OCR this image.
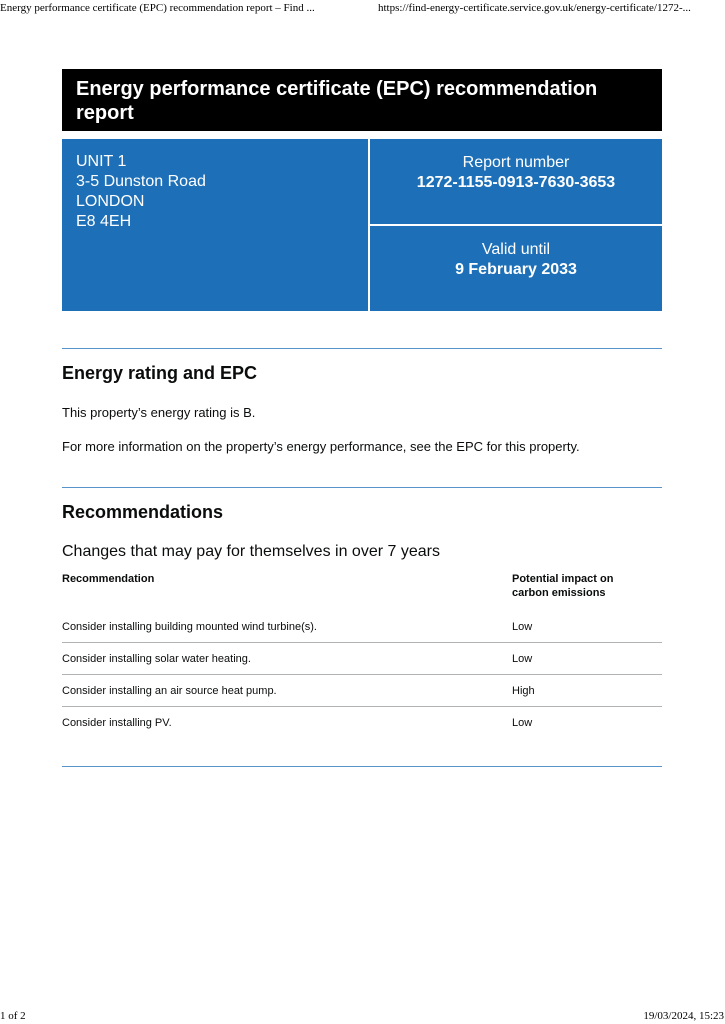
Energy performance certificate (EPC) recommendation report – Find ...	https://find-energy-certificate.service.gov.uk/energy-certificate/1272-...
Energy performance certificate (EPC) recommendation report
UNIT 1
3-5 Dunston Road
LONDON
E8 4EH
Report number
1272-1155-0913-7630-3653
Valid until
9 February 2033
Energy rating and EPC
This property’s energy rating is B.
For more information on the property’s energy performance, see the EPC for this property.
Recommendations
Changes that may pay for themselves in over 7 years
Recommendation	Potential impact on
carbon emissions
Consider installing building mounted wind turbine(s).	Low
Consider installing solar water heating.	Low
Consider installing an air source heat pump.	High
Consider installing PV.	Low
1 of 2	19/03/2024, 15:23
